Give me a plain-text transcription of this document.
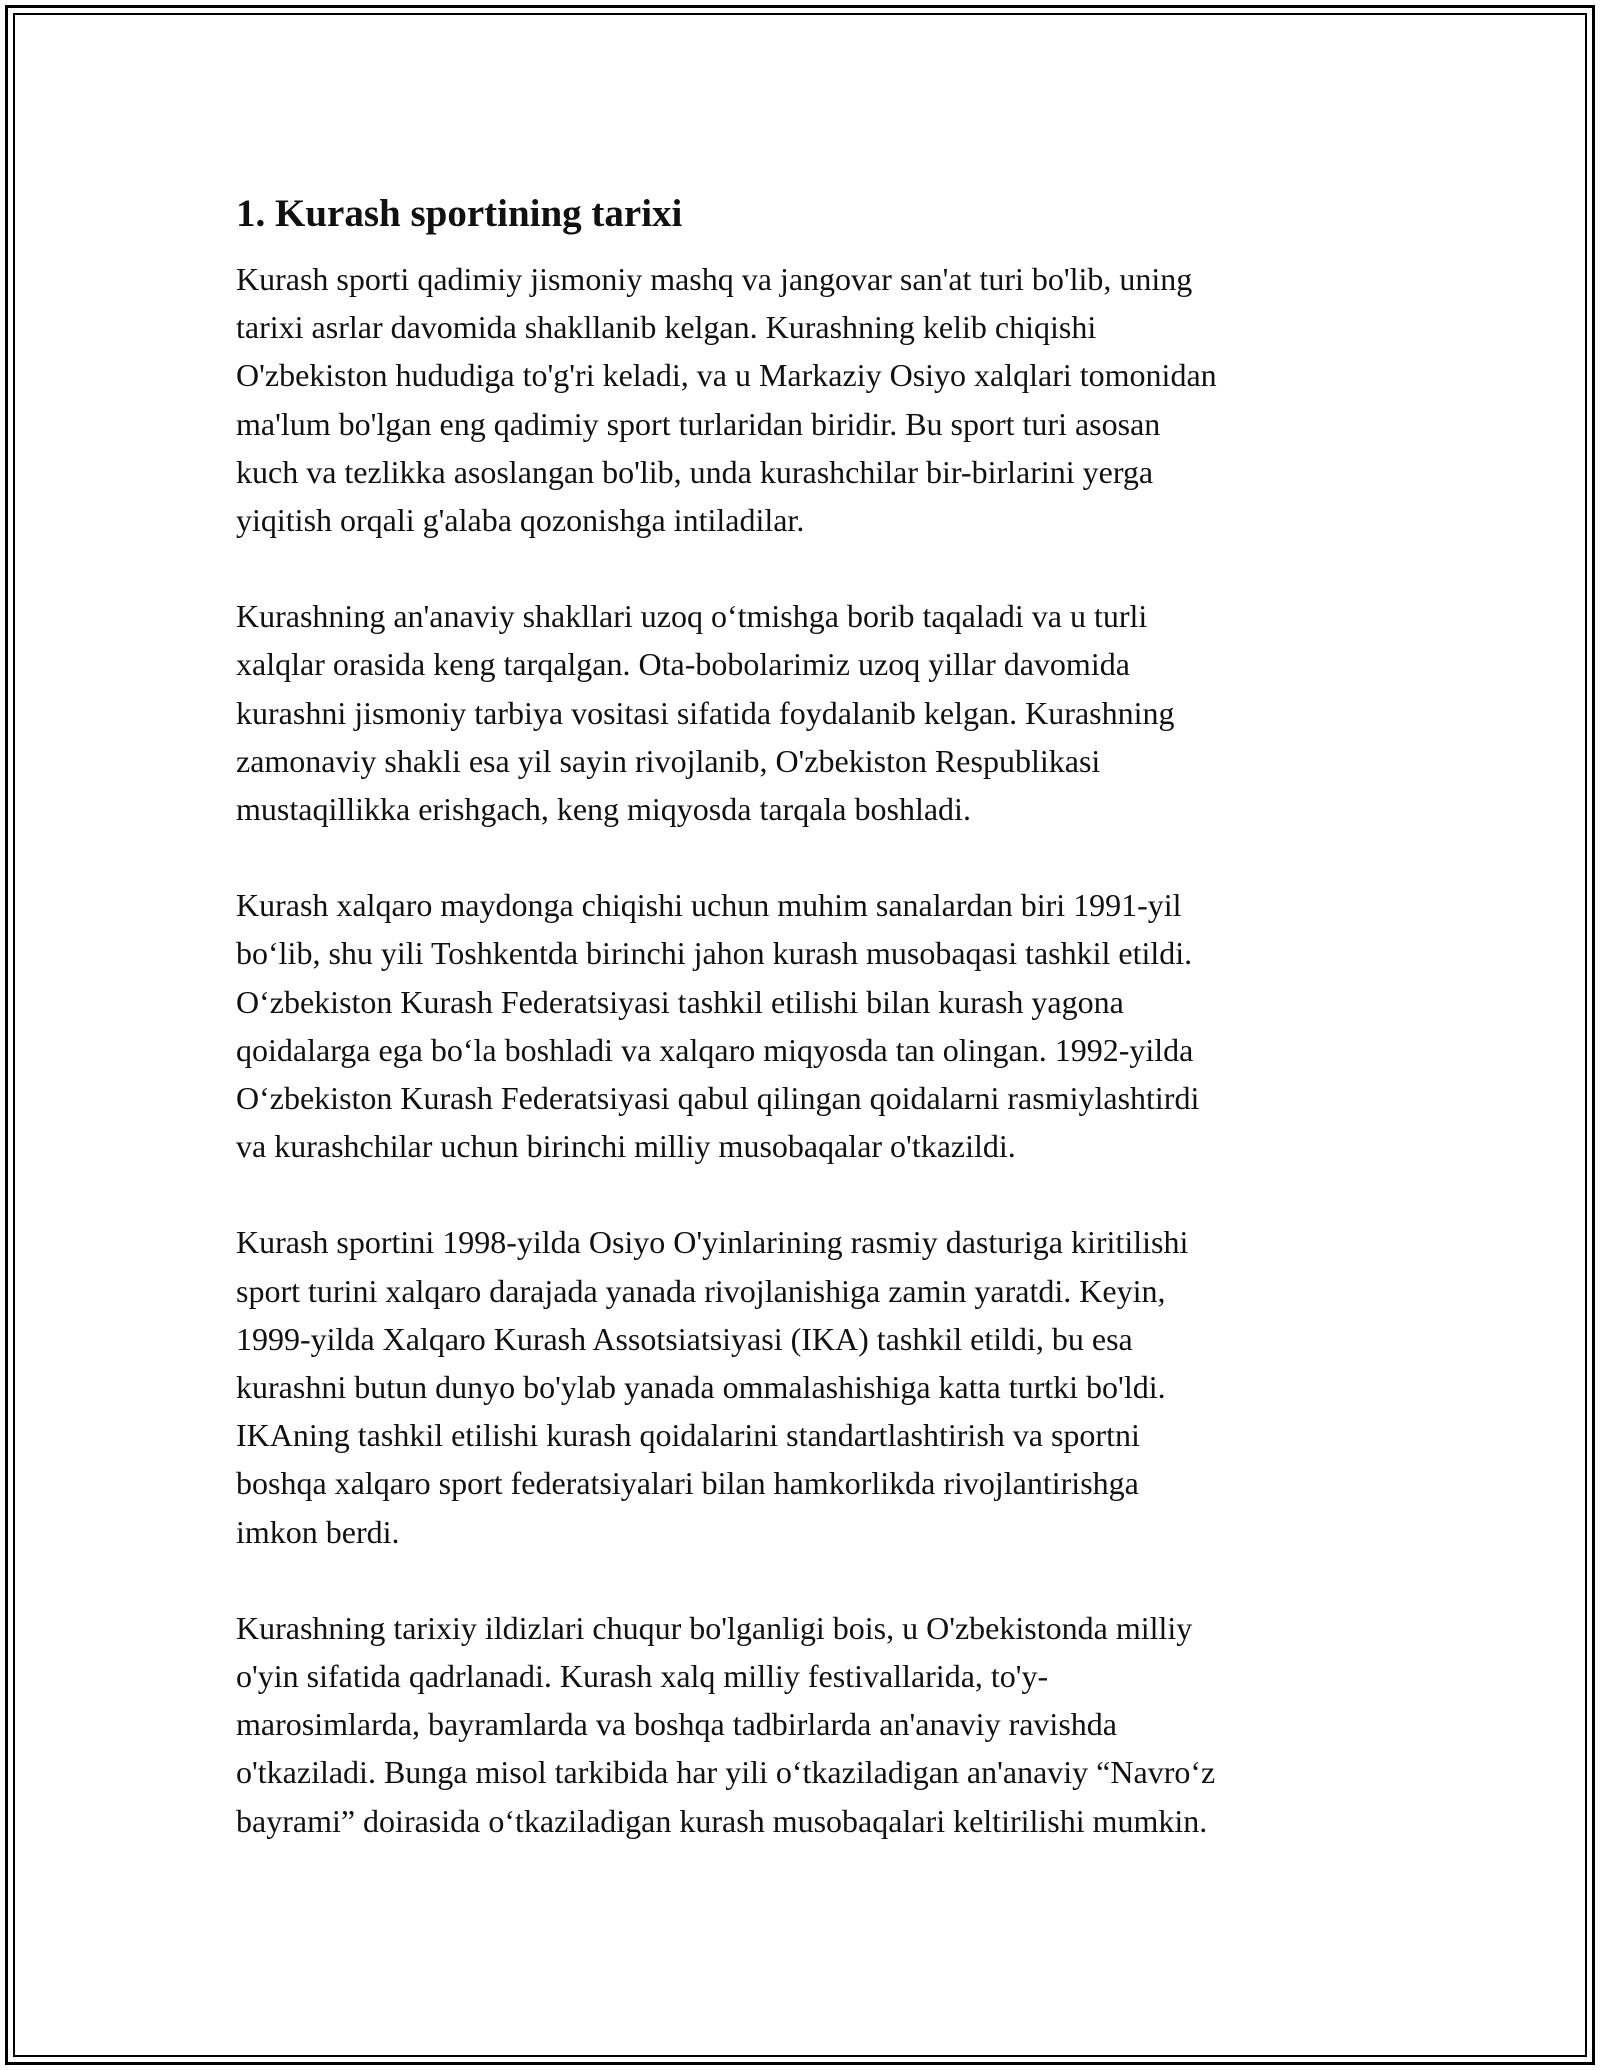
1. Kurash sportining tarixi

Kurash sporti qadimiy jismoniy mashq va jangovar san'at turi bo'lib, uning
tarixi asrlar davomida shakllanib kelgan. Kurashning kelib chiqishi
O'zbekiston hududiga to'g'ri keladi, va u Markaziy Osiyo xalqlari tomonidan
ma'lum bo'lgan eng qadimiy sport turlaridan biridir. Bu sport turi asosan
kuch va tezlikka asoslangan bo'lib, unda kurashchilar bir-birlarini yerga
yiqitish orqali g'alaba qozonishga intiladilar.

Kurashning an'anaviy shakllari uzoq o‘tmishga borib taqaladi va u turli
xalqlar orasida keng tarqalgan. Ota-bobolarimiz uzoq yillar davomida
kurashni jismoniy tarbiya vositasi sifatida foydalanib kelgan. Kurashning
zamonaviy shakli esa yil sayin rivojlanib, O'zbekiston Respublikasi
mustaqillikka erishgach, keng miqyosda tarqala boshladi.

Kurash xalqaro maydonga chiqishi uchun muhim sanalardan biri 1991-yil
bo‘lib, shu yili Toshkentda birinchi jahon kurash musobaqasi tashkil etildi.
O‘zbekiston Kurash Federatsiyasi tashkil etilishi bilan kurash yagona
qoidalarga ega bo‘la boshladi va xalqaro miqyosda tan olingan. 1992-yilda
O‘zbekiston Kurash Federatsiyasi qabul qilingan qoidalarni rasmiylashtirdi
va kurashchilar uchun birinchi milliy musobaqalar o'tkazildi.

Kurash sportini 1998-yilda Osiyo O'yinlarining rasmiy dasturiga kiritilishi
sport turini xalqaro darajada yanada rivojlanishiga zamin yaratdi. Keyin,
1999-yilda Xalqaro Kurash Assotsiatsiyasi (IKA) tashkil etildi, bu esa
kurashni butun dunyo bo'ylab yanada ommalashishiga katta turtki bo'ldi.
IKAning tashkil etilishi kurash qoidalarini standartlashtirish va sportni
boshqa xalqaro sport federatsiyalari bilan hamkorlikda rivojlantirishga
imkon berdi.

Kurashning tarixiy ildizlari chuqur bo'lganligi bois, u O'zbekistonda milliy
o'yin sifatida qadrlanadi. Kurash xalq milliy festivallarida, to'y-
marosimlarda, bayramlarda va boshqa tadbirlarda an'anaviy ravishda
o'tkaziladi. Bunga misol tarkibida har yili o‘tkaziladigan an'anaviy “Navro‘z
bayrami” doirasida o‘tkaziladigan kurash musobaqalari keltirilishi mumkin.
